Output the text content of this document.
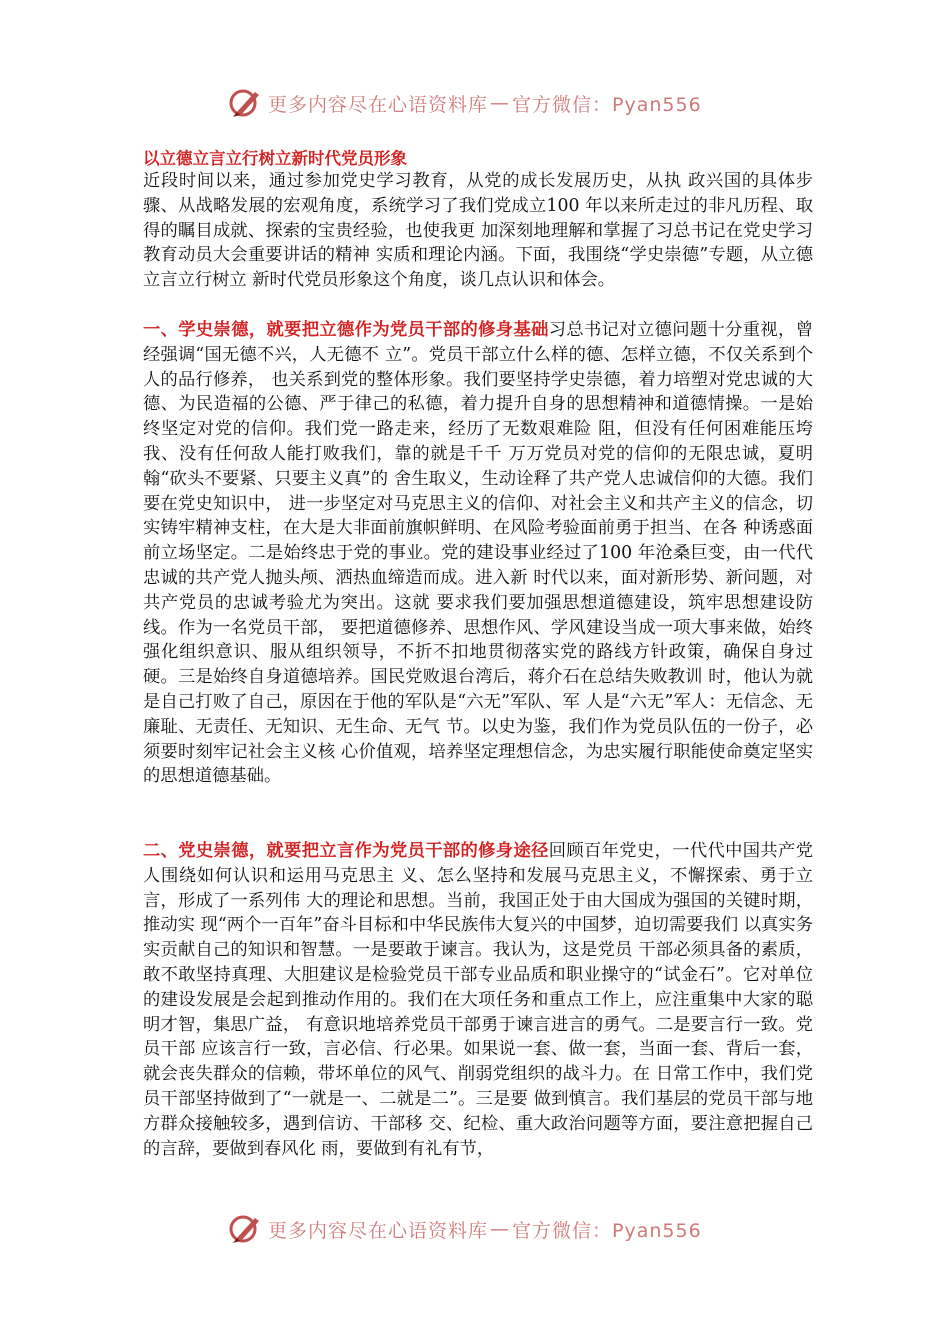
更多内容尽在心语资料库 — 官方微信：Pyan556
以立德立言立行树立新时代党员形象
近段时间以来，通过参加党史学习教育，从党的成长发展历史，从执 政兴国的具体步骤、从战略发展的宏观角度，系统学习了我们党成立100 年以来所走过的非凡历程、取得的瞩目成就、探索的宝贵经验，也使我更 加深刻地理解和掌握了习总书记在党史学习教育动员大会重要讲话的精神 实质和理论内涵。下面，我围绕“学史崇德”专题，从立德立言立行树立 新时代党员形象这个角度，谈几点认识和体会。
一、学史崇德，就要把立德作为党员干部的修身基础习总书记对立德问题十分重视，曾经强调“国无德不兴，人无德不 立”。党员干部立什么样的德、怎样立德，不仅关系到个人的品行修养， 也关系到党的整体形象。我们要坚持学史崇德，着力培塑对党忠诚的大德、为民造福的公德、严于律己的私德，着力提升自身的思想精神和道德情操。一是始终坚定对党的信仰。我们党一路走来，经历了无数艰难险 阻，但没有任何困难能压垮我、没有任何敌人能打败我们，靠的就是千千 万万党员对党的信仰的无限忠诚，夏明翰“砍头不要紧、只要主义真”的 舍生取义，生动诠释了共产党人忠诚信仰的大德。我们要在党史知识中， 进一步坚定对马克思主义的信仰、对社会主义和共产主义的信念，切实铸牢精神支柱，在大是大非面前旗帜鲜明、在风险考验面前勇于担当、在各 种诱惑面前立场坚定。二是始终忠于党的事业。党的建设事业经过了100 年沧桑巨变，由一代代忠诚的共产党人抛头颅、洒热血缔造而成。进入新 时代以来，面对新形势、新问题，对共产党员的忠诚考验尤为突出。这就 要求我们要加强思想道德建设，筑牢思想建设防线。作为一名党员干部， 要把道德修养、思想作风、学风建设当成一项大事来做，始终强化组织意识、服从组织领导，不折不扣地贯彻落实党的路线方针政策，确保自身过硬。三是始终自身道德培养。国民党败退台湾后，蒋介石在总结失败教训 时，他认为就是自己打败了自己，原因在于他的军队是“六无”军队、军 人是“六无”军人：无信念、无廉耻、无责任、无知识、无生命、无气 节。以史为鉴，我们作为党员队伍的一份子，必须要时刻牢记社会主义核 心价值观，培养坚定理想信念，为忠实履行职能使命奠定坚实的思想道德基础。
二、党史崇德，就要把立言作为党员干部的修身途径回顾百年党史，一代代中国共产党人围绕如何认识和运用马克思主 义、怎么坚持和发展马克思主义，不懈探索、勇于立言，形成了一系列伟 大的理论和思想。当前，我国正处于由大国成为强国的关键时期，推动实 现“两个一百年”奋斗目标和中华民族伟大复兴的中国梦，迫切需要我们 以真实务实贡献自己的知识和智慧。一是要敢于谏言。我认为，这是党员 干部必须具备的素质，敢不敢坚持真理、大胆建议是检验党员干部专业品质和职业操守的“试金石”。它对单位的建设发展是会起到推动作用的。我们在大项任务和重点工作上，应注重集中大家的聪明才智，集思广益， 有意识地培养党员干部勇于谏言进言的勇气。二是要言行一致。党员干部 应该言行一致，言必信、行必果。如果说一套、做一套，当面一套、背后一套，就会丧失群众的信赖，带坏单位的风气、削弱党组织的战斗力。在 日常工作中，我们党员干部坚持做到了“一就是一、二就是二”。三是要 做到慎言。我们基层的党员干部与地方群众接触较多，遇到信访、干部移 交、纪检、重大政治问题等方面，要注意把握自己的言辞，要做到春风化 雨，要做到有礼有节，
更多内容尽在心语资料库 — 官方微信：Pyan556
